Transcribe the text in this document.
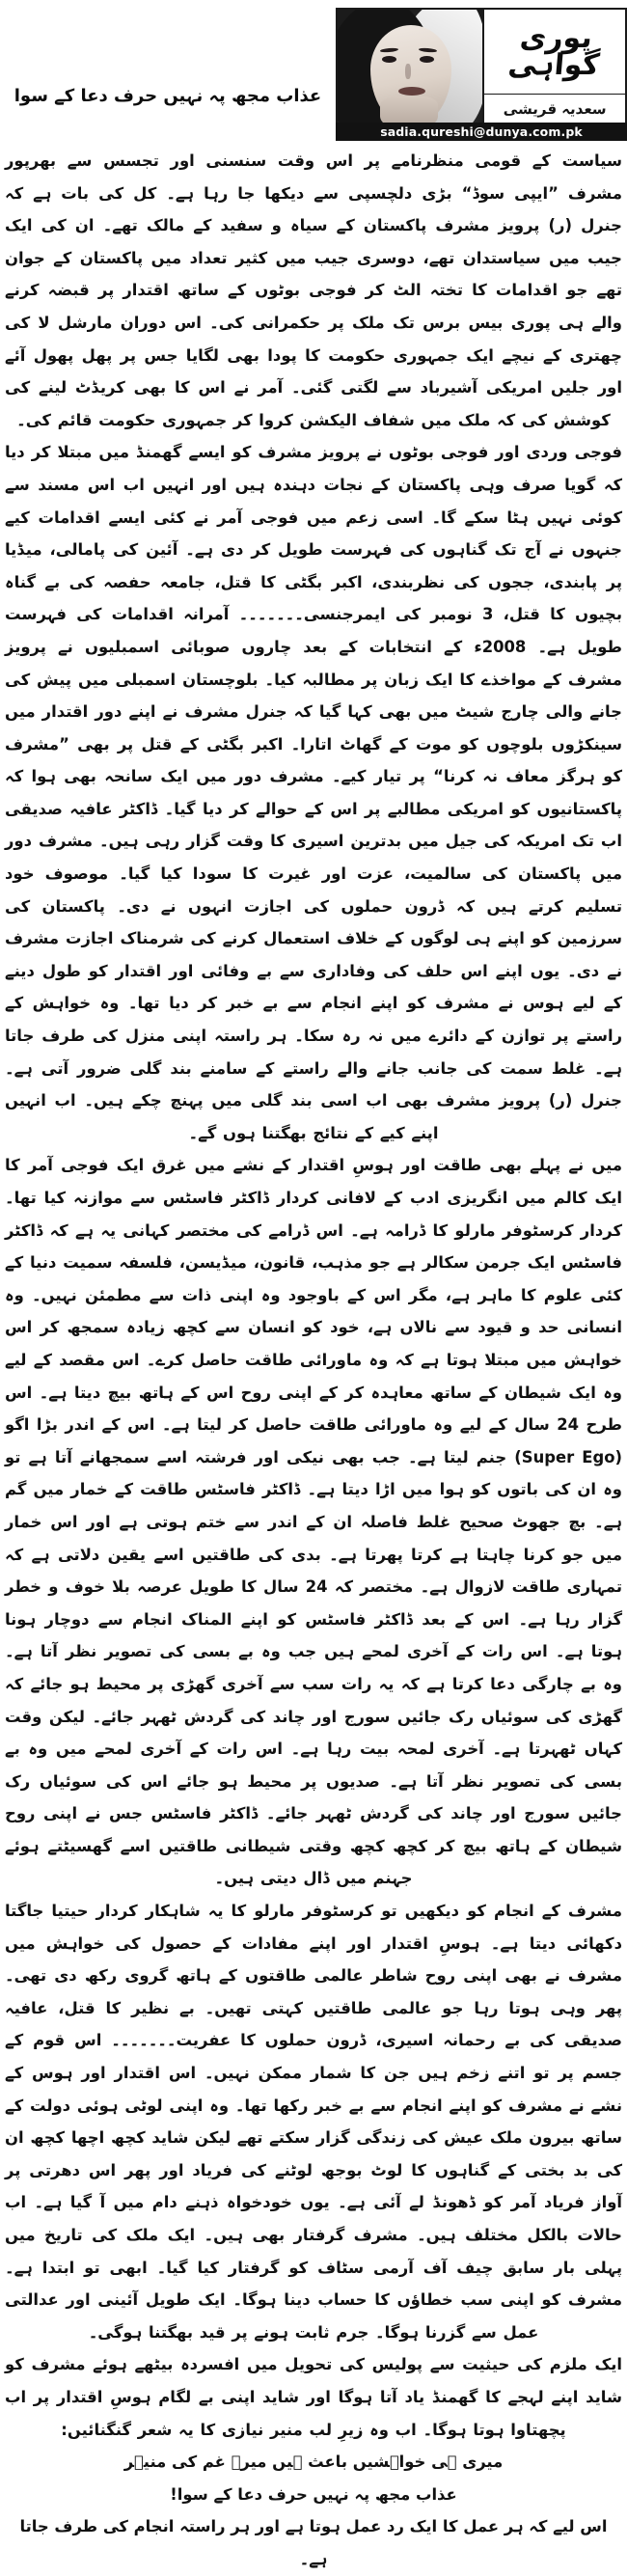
پوری
گواہی
سعدیہ قریشی
عذاب مجھ پہ نہیں حرف دعا کے سوا
sadia.qureshi@dunya.com.pk

سیاست کے قومی منظرنامے پر اس وقت سنسنی اور تجسس سے بھرپور مشرف ”ایپی سوڈ“ بڑی دلچسپی سے دیکھا جا رہا ہے۔ کل کی بات ہے کہ جنرل (ر) پرویز مشرف پاکستان کے سیاہ و سفید کے مالک تھے۔ ان کی ایک جیب میں سیاستدان تھے، دوسری جیب میں کثیر تعداد میں پاکستان کے جوان تھے جو اقدامات کا تختہ الٹ کر فوجی بوٹوں کے ساتھ اقتدار پر قبضہ کرنے والے ہی پوری بیس برس تک ملک پر حکمرانی کی۔ اس دوران مارشل لا کی چھتری کے نیچے ایک جمہوری حکومت کا پودا بھی لگایا جس پر پھل پھول آئے اور جلیں امریکی آشیرباد سے لگتی گئی۔ آمر نے اس کا بھی کریڈٹ لینے کی کوشش کی کہ ملک میں شفاف الیکشن کروا کر جمہوری حکومت قائم کی۔

فوجی وردی اور فوجی بوٹوں نے پرویز مشرف کو ایسے گھمنڈ میں مبتلا کر دیا کہ گویا صرف وہی پاکستان کے نجات دہندہ ہیں اور انہیں اب اس مسند سے کوئی نہیں ہٹا سکے گا۔ اسی زعم میں فوجی آمر نے کئی ایسے اقدامات کیے جنہوں نے آج تک گناہوں کی فہرست طویل کر دی ہے۔ آئین کی پامالی، میڈیا پر پابندی، ججوں کی نظربندی، اکبر بگٹی کا قتل، جامعہ حفصہ کی بے گناہ بچیوں کا قتل، 3 نومبر کی ایمرجنسی۔۔۔۔۔۔۔ آمرانہ اقدامات کی فہرست طویل ہے۔ 2008ء کے انتخابات کے بعد چاروں صوبائی اسمبلیوں نے پرویز مشرف کے مواخذے کا ایک زبان پر مطالبہ کیا۔ بلوچستان اسمبلی میں پیش کی جانے والی چارج شیٹ میں بھی کہا گیا کہ جنرل مشرف نے اپنے دور اقتدار میں سینکڑوں بلوچوں کو موت کے گھاٹ اتارا۔ اکبر بگٹی کے قتل پر بھی ”مشرف کو ہرگز معاف نہ کرنا“ پر تیار کیے۔ مشرف دور میں ایک سانحہ بھی ہوا کہ پاکستانیوں کو امریکی مطالبے پر اس کے حوالے کر دیا گیا۔ ڈاکٹر عافیہ صدیقی اب تک امریکہ کی جیل میں بدترین اسیری کا وقت گزار رہی ہیں۔ مشرف دور میں پاکستان کی سالمیت، عزت اور غیرت کا سودا کیا گیا۔ موصوف خود تسلیم کرتے ہیں کہ ڈرون حملوں کی اجازت انہوں نے دی۔ پاکستان کی سرزمین کو اپنے ہی لوگوں کے خلاف استعمال کرنے کی شرمناک اجازت مشرف نے دی۔ یوں اپنے اس حلف کی وفاداری سے بے وفائی اور اقتدار کو طول دینے کے لیے ہوس نے مشرف کو اپنے انجام سے بے خبر کر دیا تھا۔ وہ خواہش کے راستے پر توازن کے دائرے میں نہ رہ سکا۔ ہر راستہ اپنی منزل کی طرف جاتا ہے۔ غلط سمت کی جانب جانے والے راستے کے سامنے بند گلی ضرور آتی ہے۔ جنرل (ر) پرویز مشرف بھی اب اسی بند گلی میں پہنچ چکے ہیں۔ اب انہیں اپنے کیے کے نتائج بھگتنا ہوں گے۔

میں نے پہلے بھی طاقت اور ہوسِ اقتدار کے نشے میں غرق ایک فوجی آمر کا ایک کالم میں انگریزی ادب کے لافانی کردار ڈاکٹر فاسٹس سے موازنہ کیا تھا۔ کردار کرسٹوفر مارلو کا ڈرامہ ہے۔ اس ڈرامے کی مختصر کہانی یہ ہے کہ ڈاکٹر فاسٹس ایک جرمن سکالر ہے جو مذہب، قانون، میڈیسن، فلسفہ سمیت دنیا کے کئی علوم کا ماہر ہے، مگر اس کے باوجود وہ اپنی ذات سے مطمئن نہیں۔ وہ انسانی حد و قیود سے نالاں ہے، خود کو انسان سے کچھ زیادہ سمجھ کر اس خواہش میں مبتلا ہوتا ہے کہ وہ ماورائی طاقت حاصل کرے۔ اس مقصد کے لیے وہ ایک شیطان کے ساتھ معاہدہ کر کے اپنی روح اس کے ہاتھ بیچ دیتا ہے۔ اس طرح 24 سال کے لیے وہ ماورائی طاقت حاصل کر لیتا ہے۔ اس کے اندر بڑا اگو (Super Ego) جنم لیتا ہے۔ جب بھی نیکی اور فرشتہ اسے سمجھانے آتا ہے تو وہ ان کی باتوں کو ہوا میں اڑا دیتا ہے۔ ڈاکٹر فاسٹس طاقت کے خمار میں گم ہے۔ بچ جھوٹ صحیح غلط فاصلہ ان کے اندر سے ختم ہوتی ہے اور اس خمار میں جو کرنا چاہتا ہے کرتا پھرتا ہے۔ بدی کی طاقتیں اسے یقین دلاتی ہے کہ تمہاری طاقت لازوال ہے۔ مختصر کہ 24 سال کا طویل عرصہ بلا خوف و خطر گزار رہا ہے۔ اس کے بعد ڈاکٹر فاسٹس کو اپنے المناک انجام سے دوچار ہونا ہوتا ہے۔ اس رات کے آخری لمحے ہیں جب وہ بے بسی کی تصویر نظر آتا ہے۔ وہ بے چارگی دعا کرتا ہے کہ یہ رات سب سے آخری گھڑی پر محیط ہو جائے کہ گھڑی کی سوئیاں رک جائیں سورج اور چاند کی گردش ٹھہر جائے۔ لیکن وقت کہاں ٹھہرتا ہے۔ آخری لمحہ بیت رہا ہے۔ اس رات کے آخری لمحے میں وہ بے بسی کی تصویر نظر آتا ہے۔ صدیوں پر محیط ہو جائے اس کی سوئیاں رک جائیں سورج اور چاند کی گردش ٹھہر جائے۔ ڈاکٹر فاسٹس جس نے اپنی روح شیطان کے ہاتھ بیچ کر کچھ کچھ وقتی شیطانی طاقتیں اسے گھسیٹتے ہوئے جہنم میں ڈال دیتی ہیں۔

مشرف کے انجام کو دیکھیں تو کرسٹوفر مارلو کا یہ شاہکار کردار حیتیا جاگتا دکھائی دیتا ہے۔ ہوسِ اقتدار اور اپنے مفادات کے حصول کی خواہش میں مشرف نے بھی اپنی روح شاطر عالمی طاقتوں کے ہاتھ گروی رکھ دی تھی۔ پھر وہی ہوتا رہا جو عالمی طاقتیں کہتی تھیں۔ بے نظیر کا قتل، عافیہ صدیقی کی بے رحمانہ اسیری، ڈرون حملوں کا عفریت۔۔۔۔۔۔۔ اس قوم کے جسم پر تو اتنے زخم ہیں جن کا شمار ممکن نہیں۔ اس اقتدار اور ہوس کے نشے نے مشرف کو اپنے انجام سے بے خبر رکھا تھا۔ وہ اپنی لوٹی ہوئی دولت کے ساتھ بیرون ملک عیش کی زندگی گزار سکتے تھے لیکن شاید کچھ اچھا کچھ ان کی بد بختی کے گناہوں کا لوٹ بوجھ لوٹنے کی فریاد اور پھر اس دھرتی پر آواز فریاد آمر کو ڈھونڈ لے آئی ہے۔ یوں خودخواہ ذہنے دام میں آ گیا ہے۔ اب حالات بالکل مختلف ہیں۔ مشرف گرفتار بھی ہیں۔ ایک ملک کی تاریخ میں پہلی بار سابق چیف آف آرمی سٹاف کو گرفتار کیا گیا۔ ابھی تو ابتدا ہے۔ مشرف کو اپنی سب خطاؤں کا حساب دینا ہوگا۔ ایک طویل آئینی اور عدالتی عمل سے گزرنا ہوگا۔ جرم ثابت ہونے پر قید بھگتنا ہوگی۔

ایک ملزم کی حیثیت سے پولیس کی تحویل میں افسردہ بیٹھے ہوئے مشرف کو شاید اپنے لہجے کا گھمنڈ یاد آتا ہوگا اور شاید اپنی بے لگام ہوسِ اقتدار پر اب پچھتاوا ہوتا ہوگا۔ اب وہ زیرِ لب منیر نیازی کا یہ شعر گنگنائیں:

میری ہی خواہشیں باعث ہیں میرے غم کی منیؔر

عذاب مجھ پہ نہیں حرف دعا کے سوا!

اس لیے کہ ہر عمل کا ایک رد عمل ہوتا ہے اور ہر راستہ انجام کی طرف جاتا ہے۔
